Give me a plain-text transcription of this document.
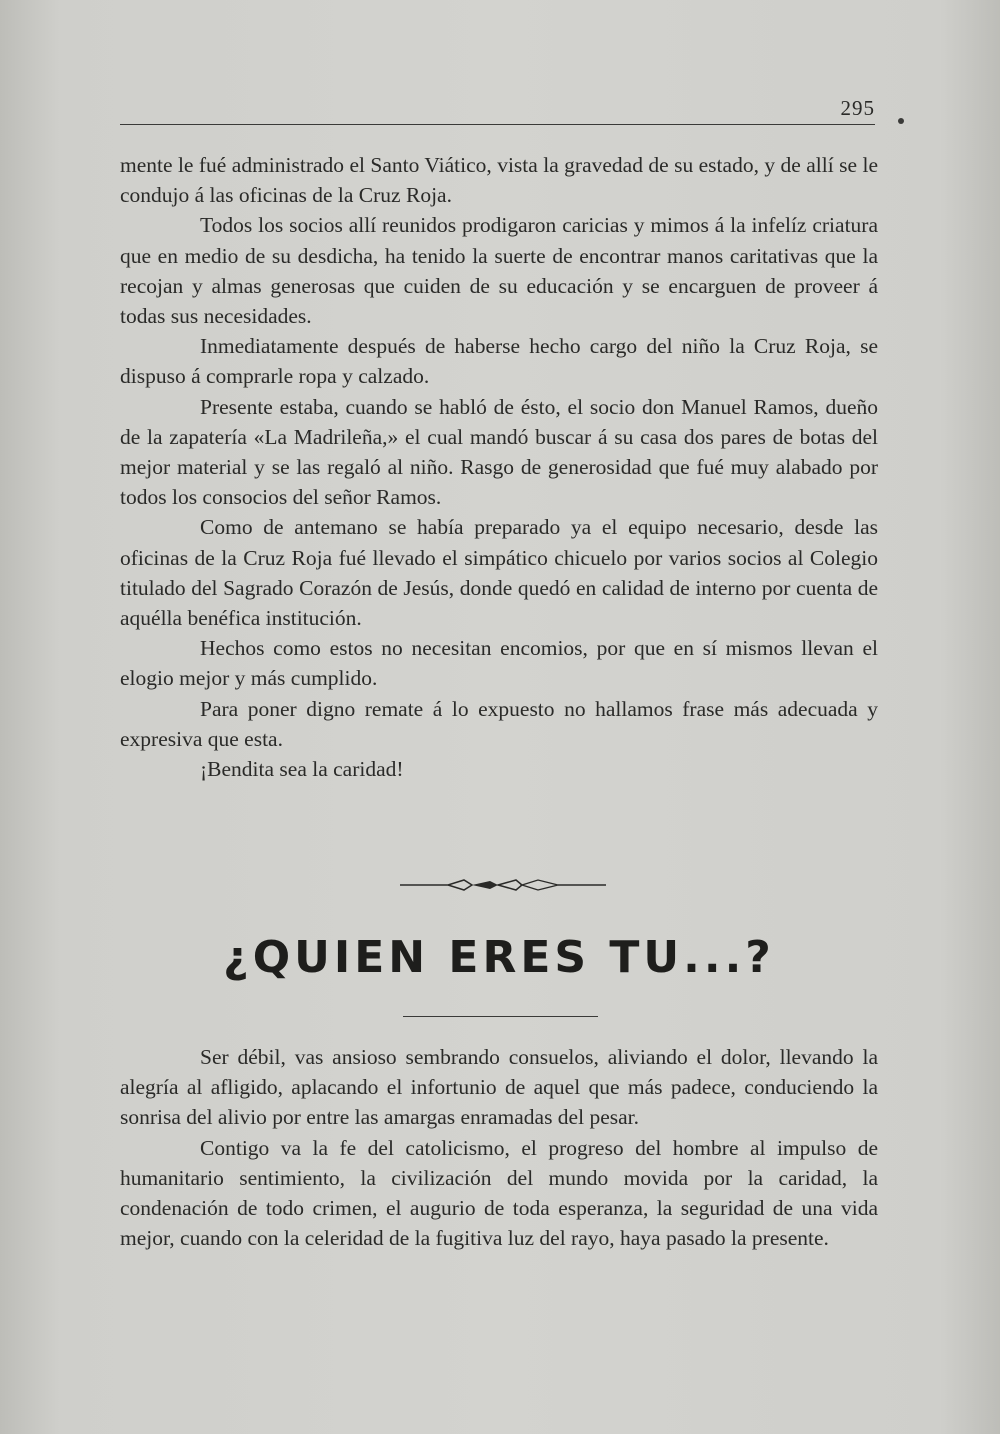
295

mente le fué administrado el Santo Viático, vista la gravedad de su estado, y de allí se le condujo á las oficinas de la Cruz Roja.

Todos los socios allí reunidos prodigaron caricias y mimos á la infelíz criatura que en medio de su desdicha, ha tenido la suerte de encontrar manos caritativas que la recojan y almas generosas que cuiden de su educación y se encarguen de proveer á todas sus necesidades.

Inmediatamente después de haberse hecho cargo del niño la Cruz Roja, se dispuso á comprarle ropa y calzado.

Presente estaba, cuando se habló de ésto, el socio don Manuel Ramos, dueño de la zapatería «La Madrileña,» el cual mandó buscar á su casa dos pares de botas del mejor material y se las regaló al niño. Rasgo de generosidad que fué muy alabado por todos los consocios del señor Ramos.

Como de antemano se había preparado ya el equipo necesario, desde las oficinas de la Cruz Roja fué llevado el simpático chicuelo por varios socios al Colegio titulado del Sagrado Corazón de Jesús, donde quedó en calidad de interno por cuenta de aquélla benéfica institución.

Hechos como estos no necesitan encomios, por que en sí mismos llevan el elogio mejor y más cumplido.

Para poner digno remate á lo expuesto no hallamos frase más adecuada y expresiva que esta.

¡Bendita sea la caridad!

¿QUIEN ERES TU...?

Ser débil, vas ansioso sembrando consuelos, aliviando el dolor, llevando la alegría al afligido, aplacando el infortunio de aquel que más padece, conduciendo la sonrisa del alivio por entre las amargas enramadas del pesar.

Contigo va la fe del catolicismo, el progreso del hombre al impulso de humanitario sentimiento, la civilización del mundo movida por la caridad, la condenación de todo crimen, el augurio de toda esperanza, la seguridad de una vida mejor, cuando con la celeridad de la fugitiva luz del rayo, haya pasado la presente.
